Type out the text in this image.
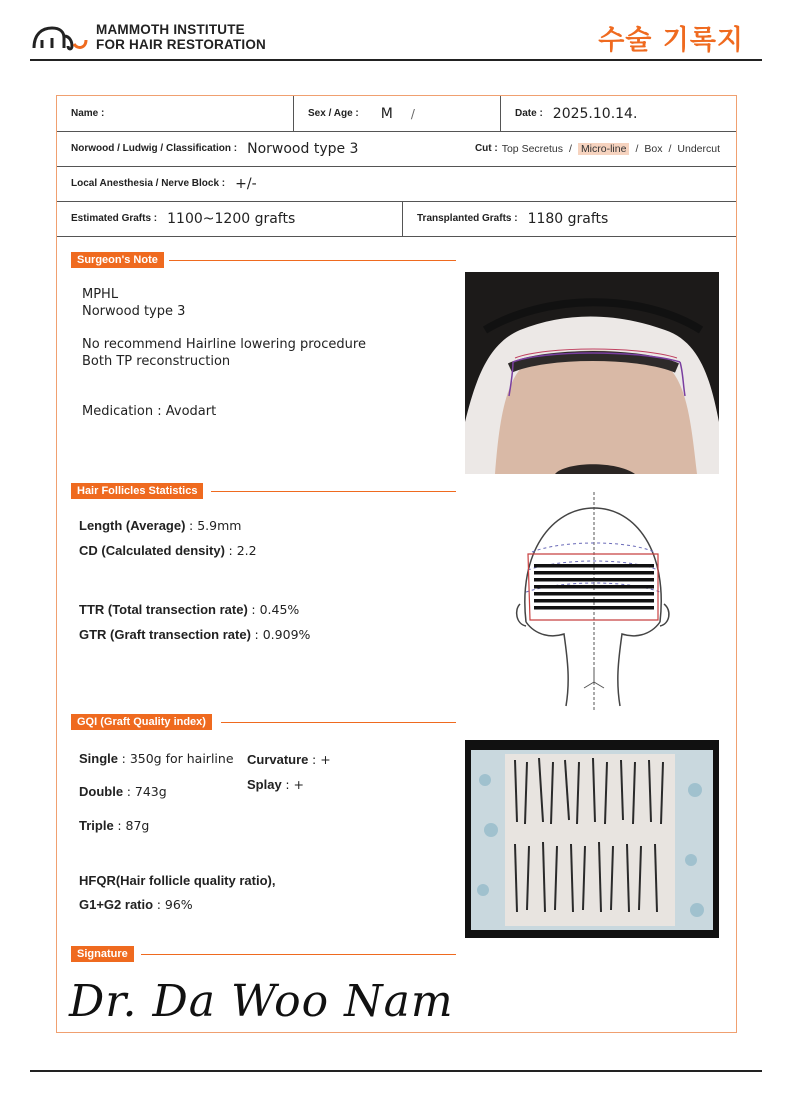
MAMMOTH INSTITUTE
FOR HAIR RESTORATION	수술 기록지
Name :	Sex / Age : M /	Date : 2025.10.14.
Norwood / Ludwig / Classification : Norwood type 3	Cut : Top Secretus / Micro-line / Box / Undercut
Local Anesthesia / Nerve Block : +/-
Estimated Grafts : 1100~1200 grafts	Transplanted Grafts : 1180 grafts
Surgeon's Note
MPHL
Norwood type 3
No recommend Hairline lowering procedure
Both TP reconstruction
Medication : Avodart
Hair Follicles Statistics
Length (Average) : 5.9mm
CD (Calculated density) : 2.2
TTR (Total transection rate) : 0.45%
GTR (Graft transection rate) : 0.909%
GQI (Graft Quality index)
Single : 350g for hairline
Double : 743g
Triple : 87g
Curvature : +
Splay : +
HFQR(Hair follicle quality ratio),
G1+G2 ratio : 96%
Signature
Dr. Da Woo Nam
